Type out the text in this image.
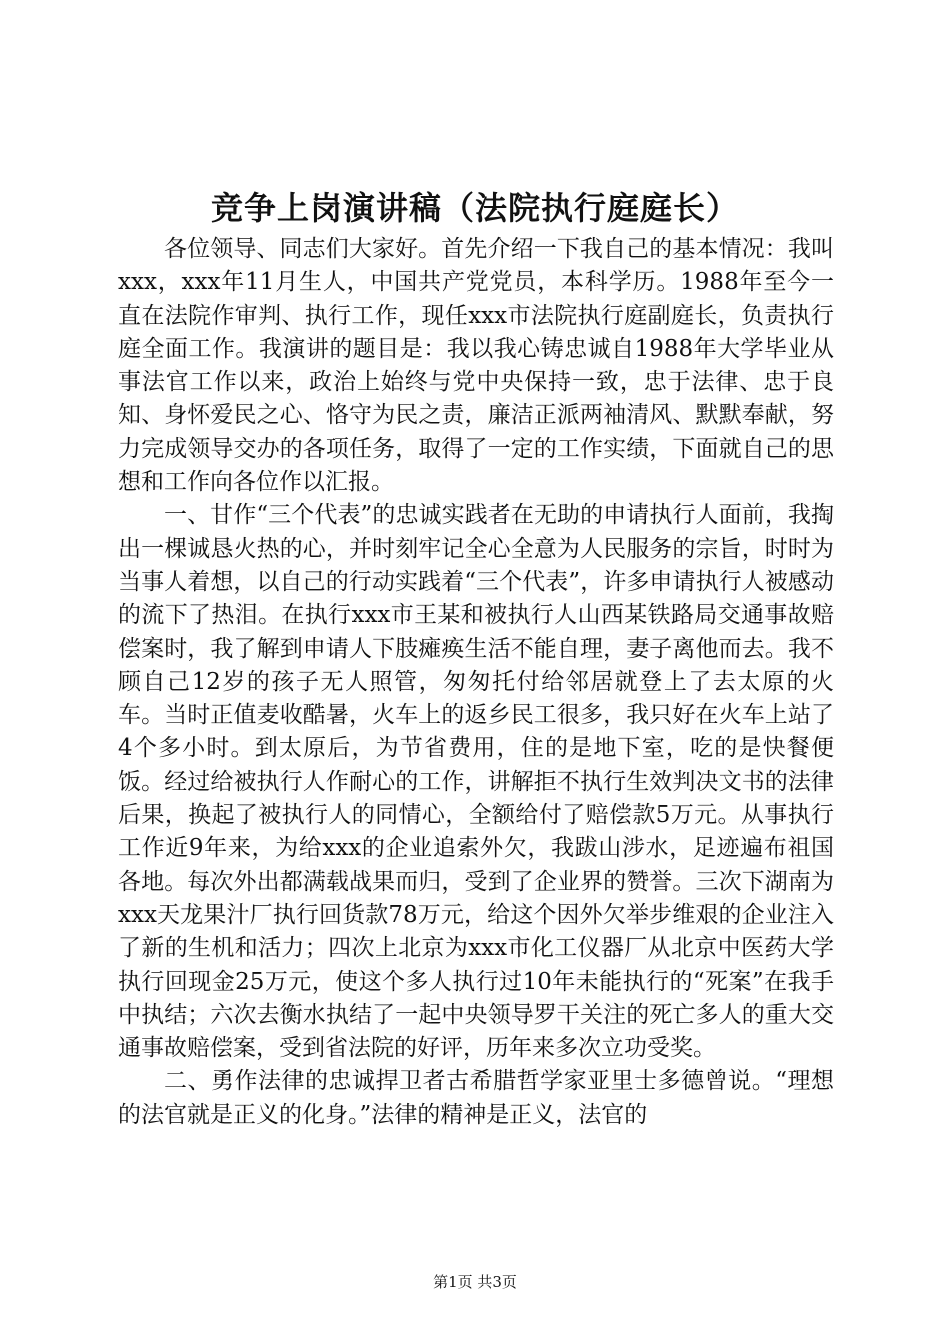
竞争上岗演讲稿（法院执行庭庭长）

各位领导、同志们大家好。首先介绍一下我自己的基本情况：我叫xxx，xxx年11月生人，中国共产党党员，本科学历。1988年至今一直在法院作审判、执行工作，现任xxx市法院执行庭副庭长，负责执行庭全面工作。我演讲的题目是：我以我心铸忠诚自1988年大学毕业从事法官工作以来，政治上始终与党中央保持一致，忠于法律、忠于良知、身怀爱民之心、恪守为民之责，廉洁正派两袖清风、默默奉献，努力完成领导交办的各项任务，取得了一定的工作实绩，下面就自己的思想和工作向各位作以汇报。

一、甘作“三个代表”的忠诚实践者在无助的申请执行人面前，我掏出一棵诚恳火热的心，并时刻牢记全心全意为人民服务的宗旨，时时为当事人着想，以自己的行动实践着“三个代表”，许多申请执行人被感动的流下了热泪。在执行xxx市王某和被执行人山西某铁路局交通事故赔偿案时，我了解到申请人下肢瘫痪生活不能自理，妻子离他而去。我不顾自己12岁的孩子无人照管，匆匆托付给邻居就登上了去太原的火车。当时正值麦收酷暑，火车上的返乡民工很多，我只好在火车上站了4个多小时。到太原后，为节省费用，住的是地下室，吃的是快餐便饭。经过给被执行人作耐心的工作，讲解拒不执行生效判决文书的法律后果，换起了被执行人的同情心，全额给付了赔偿款5万元。从事执行工作近9年来，为给xxx的企业追索外欠，我跋山涉水，足迹遍布祖国各地。每次外出都满载战果而归，受到了企业界的赞誉。三次下湖南为xxx天龙果汁厂执行回货款78万元，给这个因外欠举步维艰的企业注入了新的生机和活力；四次上北京为xxx市化工仪器厂从北京中医药大学执行回现金25万元，使这个多人执行过10年未能执行的“死案”在我手中执结；六次去衡水执结了一起中央领导罗干关注的死亡多人的重大交通事故赔偿案，受到省法院的好评，历年来多次立功受奖。

二、勇作法律的忠诚捍卫者古希腊哲学家亚里士多德曾说。“理想的法官就是正义的化身。”法律的精神是正义，法官的

第1页 共3页
